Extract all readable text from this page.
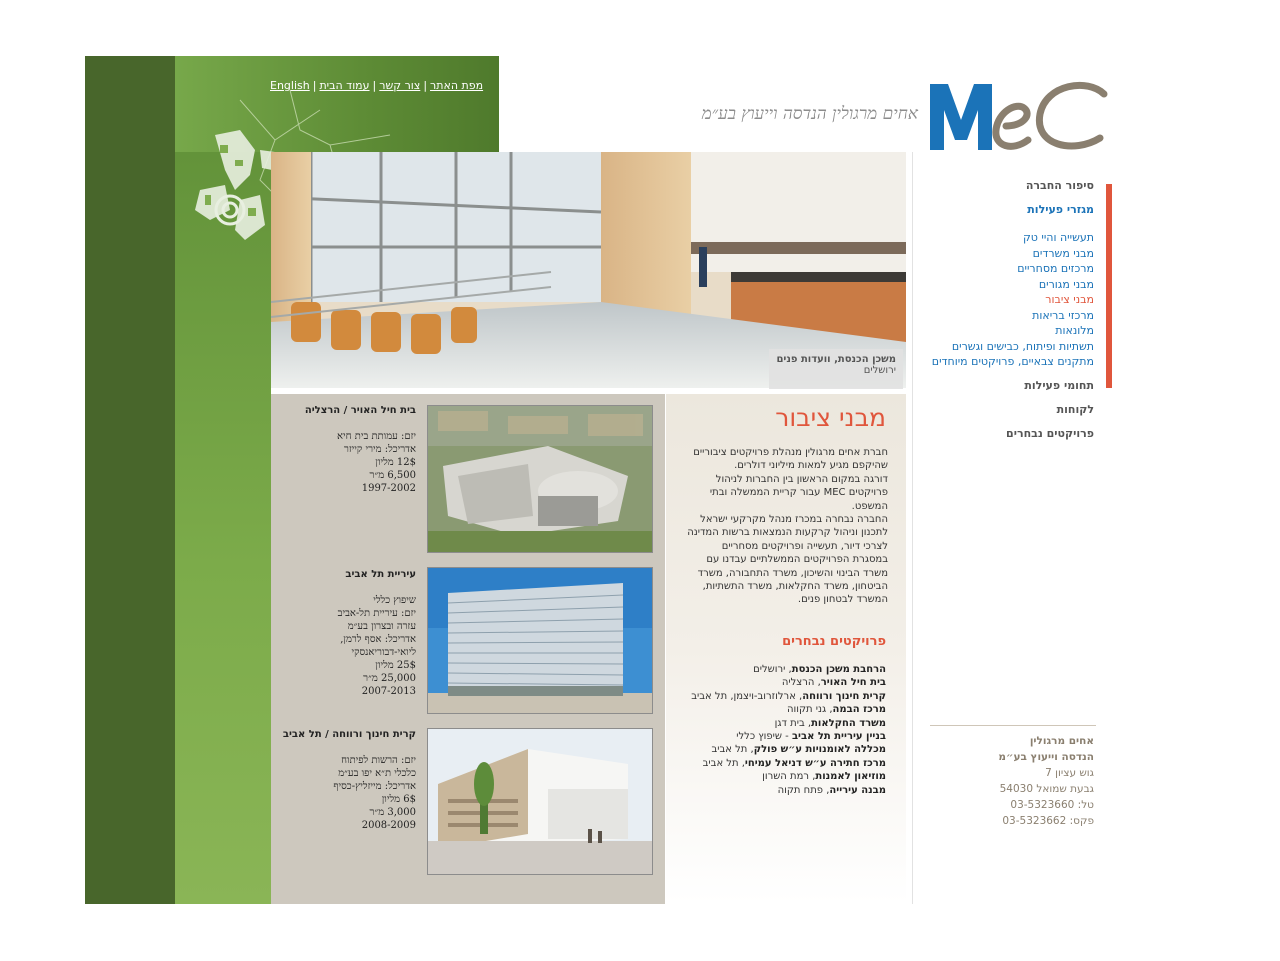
English |	מפת האתר|צור קשר|עמוד הבית
אחים מרגולין הנדסה וייעוץ בע״מ
משכן הכנסת, וועדות פנים
ירושלים
בית חיל האויר / הרצליה
יזם: עמותת בית חיא
אדריכל: מירי קייזר
12$ מליון
6,500 מ״ר
1997-2002
עיריית תל אביב
שיפוץ כללי
יזם: עיריית תל-אביב
עזרה ובצרון בע״מ
אדריכל: אסף לרמן,
ליואי-דבוריאנסקי
25$ מליון
25,000 מ״ר
2007-2013
קרית חינוך ורווחה / תל אביב
יזם: הרשות לפיתוח
כלכלי ת״א יפו בע״מ
אדריכל: מייזליץ-כסיף
6$ מליון
3,000 מ״ר
2008-2009
מבני ציבור
חברת אחים מרגולין מנהלת פרויקטים ציבוריים
שהיקפם מגיע למאות מיליוני דולרים.
דורגה במקום הראשון בין החברות לניהול
פרויקטים MEC עבור קריית הממשלה ובתי
המשפט.
החברה נבחרה במכרז מנהל מקרקעי ישראל
לתכנון וניהול קרקעות הנמצאות ברשות המדינה
לצרכי דיור, תעשייה ופרויקטים מסחריים
במסגרת הפרויקטים הממשלתיים עבדנו עם
משרד הבינוי והשיכון, משרד התחבורה, משרד
הביטחון, משרד החקלאות, משרד התשתיות,
המשרד לבטחון פנים.
פרויקטים נבחרים
הרחבת משכן הכנסת, ירושלים
בית חיל האויר, הרצליה
קרית חינוך ורווחה, ארלוזרוב-ויצמן, תל אביב
מרכז הבמה, גני תקווה
משרד החקלאות, בית דגן
בניין עיריית תל אביב - שיפוץ כללי
מכללה לאומנויות ע״ש פולק, תל אביב
מרכז חתירה ע״ש דניאל עמיחי, תל אביב
מוזיאון לאמנות, רמת השרון
מבנה עירייה, פתח תקוה
סיפור החברה
מגזרי פעילות
תעשייה והיי טק
מבני משרדים
מרכזים מסחריים
מבני מגורים
מבני ציבור
מרכזי בריאות
מלונאות
תשתיות ופיתוח, כבישים וגשרים
מתקנים צבאיים, פרויקטים מיוחדים
תחומי פעילות
לקוחות
פרויקטים נבחרים
אחים מרגולין
הנדסה וייעוץ בע״מ
גוש עציון 7
גבעת שמואל 54030
טל: 03-5323660
פקס: 03-5323662
